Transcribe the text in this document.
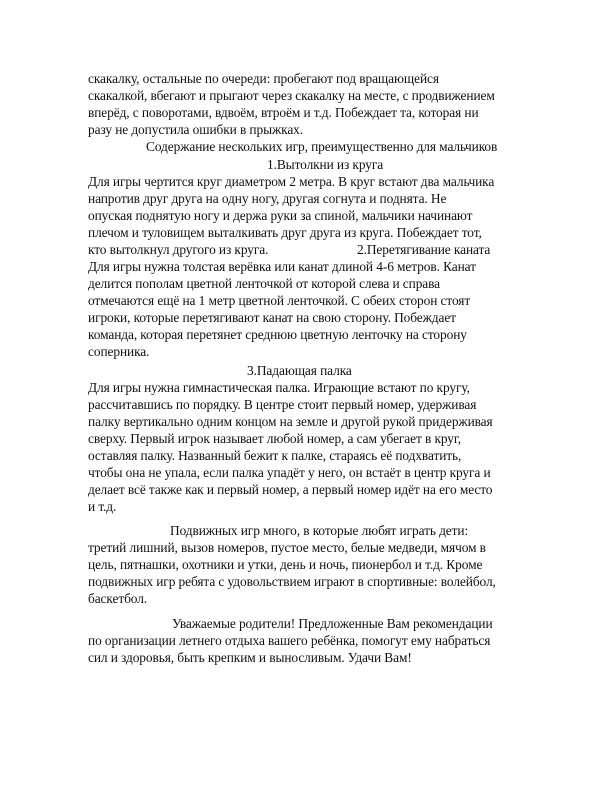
скакалку, остальные по очереди: пробегают под вращающейся
скакалкой, вбегают и прыгают через скакалку на месте, с продвижением
вперёд, с поворотами, вдвоём, втроём и т.д. Побеждает та, которая ни
разу не допустила ошибки в прыжках.
Содержание нескольких игр, преимущественно для мальчиков
1.Вытолкни из круга
Для игры чертится круг диаметром 2 метра. В круг встают два мальчика
напротив друг друга на одну ногу, другая согнута и поднята. Не
опуская поднятую ногу и держа руки за спиной, мальчики начинают
плечом и туловищем выталкивать друг друга из круга. Побеждает тот,
кто вытолкнул другого из круга.	2.Перетягивание каната
Для игры нужна толстая верёвка или канат длиной 4-6 метров. Канат
делится пополам цветной ленточкой от которой слева и справа
отмечаются ещё на 1 метр цветной ленточкой. С обеих сторон стоят
игроки, которые перетягивают канат на свою сторону. Побеждает
команда, которая перетянет среднюю цветную ленточку на сторону
соперника.
3.Падающая палка
Для игры нужна гимнастическая палка. Играющие встают по кругу,
рассчитавшись по порядку. В центре стоит первый номер, удерживая
палку вертикально одним концом на земле и другой рукой придерживая
сверху. Первый игрок называет любой номер, а сам убегает в круг,
оставляя палку. Названный бежит к палке, стараясь её подхватить,
чтобы она не упала, если палка упадёт у него, он встаёт в центр круга и
делает всё также как и первый номер, а первый номер идёт на его место
и т.д.
Подвижных игр много, в которые любят играть дети:
третий лишний, вызов номеров, пустое место, белые медведи, мячом в
цель, пятнашки, охотники и утки, день и ночь, пионербол и т.д. Кроме
подвижных игр ребята с удовольствием играют в спортивные: волейбол,
баскетбол.
Уважаемые родители! Предложенные Вам рекомендации
по организации летнего отдыха вашего ребёнка, помогут ему набраться
сил и здоровья, быть крепким и выносливым. Удачи Вам!
